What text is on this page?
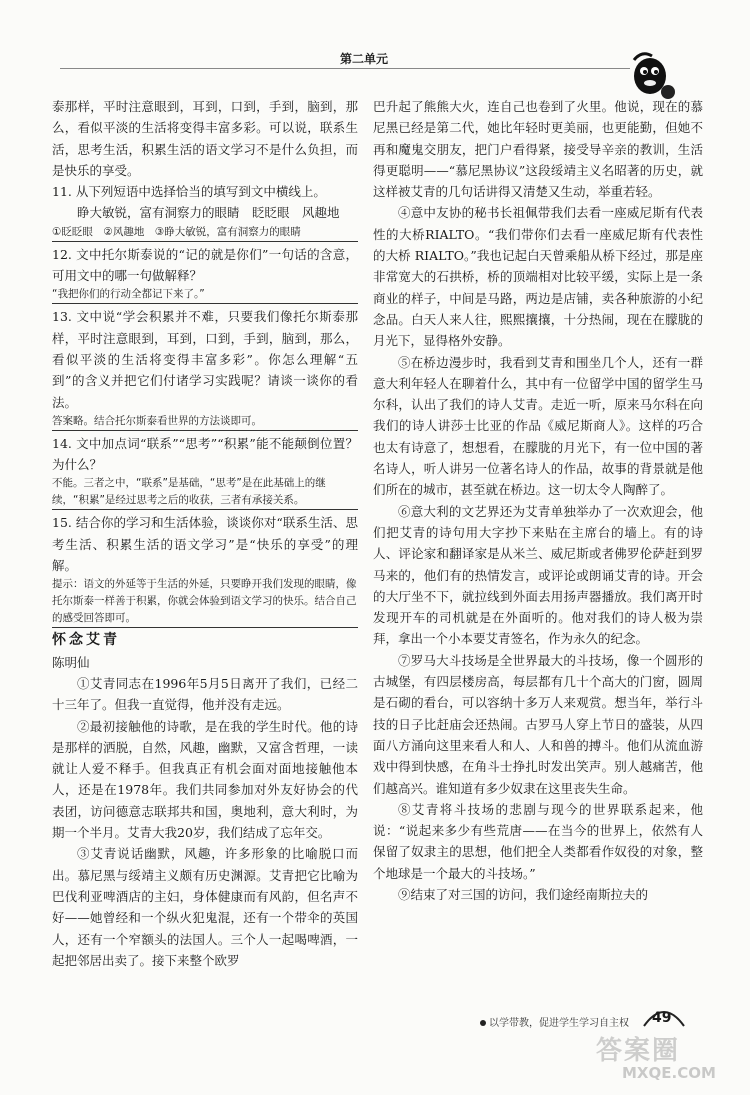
第二单元

泰那样，平时注意眼到，耳到，口到，手到，脑到，那么，看似平淡的生活将变得丰富多彩。可以说，联系生活，思考生活，积累生活的语文学习不是什么负担，而是快乐的享受。

11. 从下列短语中选择恰当的填写到文中横线上。

睁大敏锐，富有洞察力的眼睛　眨眨眼　风趣地

①眨眨眼　②风趣地　③睁大敏锐，富有洞察力的眼睛

12. 文中托尔斯泰说的“记的就是你们”一句话的含意，可用文中的哪一句做解释？

“我把你们的行动全都记下来了。”

13. 文中说“学会积累并不难，只要我们像托尔斯泰那样，平时注意眼到，耳到，口到，手到，脑到，那么，看似平淡的生活将变得丰富多彩”。你怎么理解“五到”的含义并把它们付诸学习实践呢？请谈一谈你的看法。

答案略。结合托尔斯泰看世界的方法谈即可。

14. 文中加点词“联系”“思考”“积累”能不能颠倒位置？为什么？

不能。三者之中，“联系”是基础，“思考”是在此基础上的继续，“积累”是经过思考之后的收获，三者有承接关系。

15. 结合你的学习和生活体验，谈谈你对“联系生活、思考生活、积累生活的语文学习”是“快乐的享受”的理解。

提示：语文的外延等于生活的外延，只要睁开我们发现的眼睛，像托尔斯泰一样善于积累，你就会体验到语文学习的快乐。结合自己的感受回答即可。

怀念艾青

陈明仙

①艾青同志在1996年5月5日离开了我们，已经二十三年了。但我一直觉得，他并没有走远。

②最初接触他的诗歌，是在我的学生时代。他的诗是那样的洒脱，自然，风趣，幽默，又富含哲理，一读就让人爱不释手。但我真正有机会面对面地接触他本人，还是在1978年。我们共同参加对外友好协会的代表团，访问德意志联邦共和国，奥地利，意大利时，为期一个半月。艾青大我20岁，我们结成了忘年交。

③艾青说话幽默，风趣，许多形象的比喻脱口而出。慕尼黑与绥靖主义颇有历史渊源。艾青把它比喻为巴伐利亚啤酒店的主妇，身体健康而有风韵，但名声不好——她曾经和一个纵火犯鬼混，还有一个带伞的英国人，还有一个窄额头的法国人。三个人一起喝啤酒，一起把邻居出卖了。接下来整个欧罗

巴升起了熊熊大火，连自己也卷到了火里。他说，现在的慕尼黑已经是第二代，她比年轻时更美丽，也更能勤，但她不再和魔鬼交朋友，把门户看得紧，接受导辛亲的教训，生活得更聪明——“慕尼黑协议”这段绥靖主义名昭著的历史，就这样被艾青的几句话讲得又清楚又生动，举重若轻。

④意中友协的秘书长祖佩带我们去看一座威尼斯有代表性的大桥RIALTO。“我们带你们去看一座威尼斯有代表性的大桥 RIALTO。”我也记起白天曾乘船从桥下经过，那是座非常宽大的石拱桥，桥的顶端相对比较平缓，实际上是一条商业的样子，中间是马路，两边是店铺，卖各种旅游的小纪念品。白天人来人往，熙熙攘攘，十分热闹，现在在朦胧的月光下，显得格外安静。

⑤在桥边漫步时，我看到艾青和围坐几个人，还有一群意大利年轻人在聊着什么，其中有一位留学中国的留学生马尔科，认出了我们的诗人艾青。走近一听，原来马尔科在向我们的诗人讲莎士比亚的作品《威尼斯商人》。这样的巧合也太有诗意了，想想看，在朦胧的月光下，有一位中国的著名诗人，听人讲另一位著名诗人的作品，故事的背景就是他们所在的城市，甚至就在桥边。这一切太令人陶醉了。

⑥意大利的文艺界还为艾青单独举办了一次欢迎会，他们把艾青的诗句用大字抄下来贴在主席台的墙上。有的诗人、评论家和翻译家是从米兰、威尼斯或者佛罗伦萨赶到罗马来的，他们有的热情发言，或评论或朗诵艾青的诗。开会的大厅坐不下，就拉线到外面去用扬声器播放。我们离开时发现开车的司机就是在外面听的。他对我们的诗人极为崇拜，拿出一个小本要艾青签名，作为永久的纪念。

⑦罗马大斗技场是全世界最大的斗技场，像一个圆形的古城堡，有四层楼房高，每层都有几十个高大的门窗，圆周是石砌的看台，可以容纳十多万人来观赏。想当年，举行斗技的日子比赶庙会还热闹。古罗马人穿上节日的盛装，从四面八方涌向这里来看人和人、人和兽的搏斗。他们从流血游戏中得到快感，在角斗士挣扎时发出笑声。别人越痛苦，他们越高兴。谁知道有多少奴隶在这里丧失生命。

⑧艾青将斗技场的悲剧与现今的世界联系起来，他说：“说起来多少有些荒唐——在当今的世界上，依然有人保留了奴隶主的思想，他们把全人类都看作奴役的对象，整个地球是一个最大的斗技场。”

⑨结束了对三国的访问，我们途经南斯拉夫的

以学带教，促进学生学习自主权 49
答案圈
MXQE.COM
